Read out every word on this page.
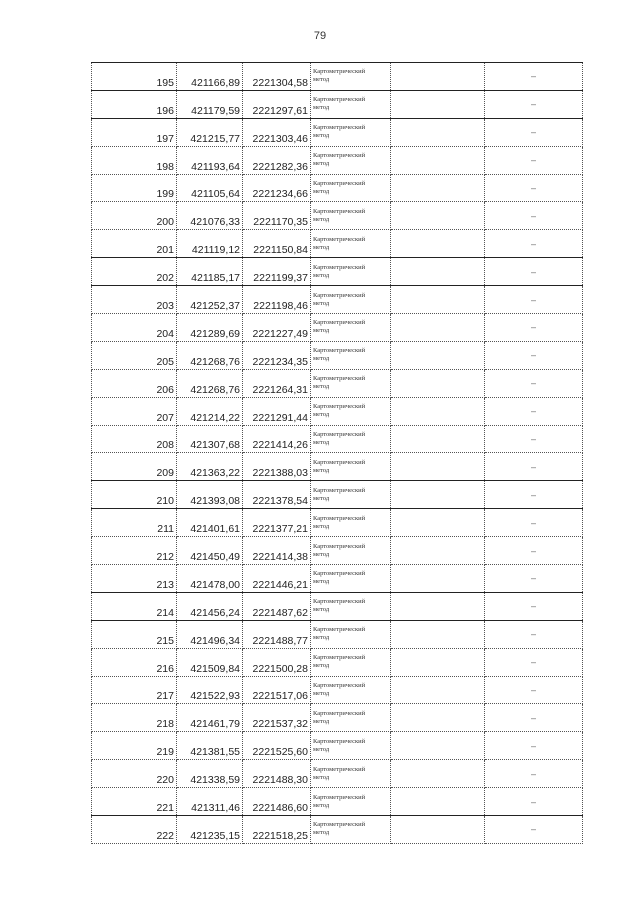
79
195	421166,89	2221304,58	Картометрический
метод		–
196	421179,59	2221297,61	Картометрический
метод		–
197	421215,77	2221303,46	Картометрический
метод		–
198	421193,64	2221282,36	Картометрический
метод		–
199	421105,64	2221234,66	Картометрический
метод		–
200	421076,33	2221170,35	Картометрический
метод		–
201	421119,12	2221150,84	Картометрический
метод		–
202	421185,17	2221199,37	Картометрический
метод		–
203	421252,37	2221198,46	Картометрический
метод		–
204	421289,69	2221227,49	Картометрический
метод		–
205	421268,76	2221234,35	Картометрический
метод		–
206	421268,76	2221264,31	Картометрический
метод		–
207	421214,22	2221291,44	Картометрический
метод		–
208	421307,68	2221414,26	Картометрический
метод		–
209	421363,22	2221388,03	Картометрический
метод		–
210	421393,08	2221378,54	Картометрический
метод		–
211	421401,61	2221377,21	Картометрический
метод		–
212	421450,49	2221414,38	Картометрический
метод		–
213	421478,00	2221446,21	Картометрический
метод		–
214	421456,24	2221487,62	Картометрический
метод		–
215	421496,34	2221488,77	Картометрический
метод		–
216	421509,84	2221500,28	Картометрический
метод		–
217	421522,93	2221517,06	Картометрический
метод		–
218	421461,79	2221537,32	Картометрический
метод		–
219	421381,55	2221525,60	Картометрический
метод		–
220	421338,59	2221488,30	Картометрический
метод		–
221	421311,46	2221486,60	Картометрический
метод		–
222	421235,15	2221518,25	Картометрический
метод		–
